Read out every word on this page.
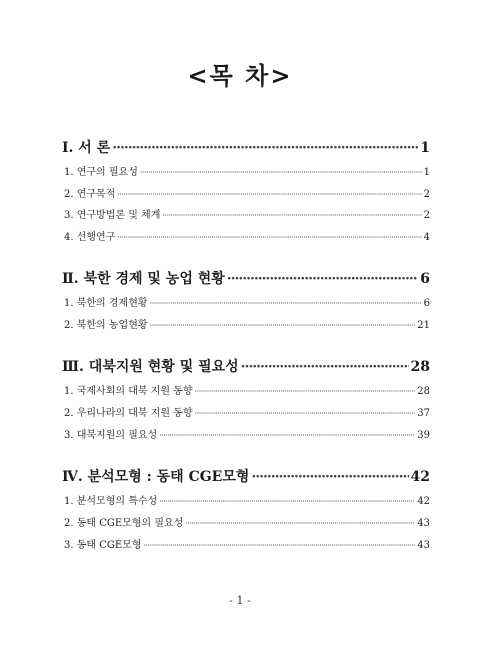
<목 차>
Ⅰ. 서 론 ·····	1
1. 연구의 필요성 ·····	1
2. 연구목적 ·····	2
3. 연구방법론 및 체계 ·····	2
4. 선행연구 ·····	4
Ⅱ. 북한 경제 및 농업 현황 ·····	6
1. 북한의 경제현황 ·····	6
2. 북한의 농업현황 ·····	21
Ⅲ. 대북지원 현황 및 필요성 ·····	28
1. 국제사회의 대북 지원 동향 ·····	28
2. 우리나라의 대북 지원 동향 ·····	37
3. 대북지원의 필요성 ·····	39
Ⅳ. 분석모형 : 동태 CGE모형 ·····	42
1. 분석모형의 특수성 ·····	42
2. 동태 CGE모형의 필요성 ·····	43
3. 동태 CGE모형 ·····	43
- 1 -
